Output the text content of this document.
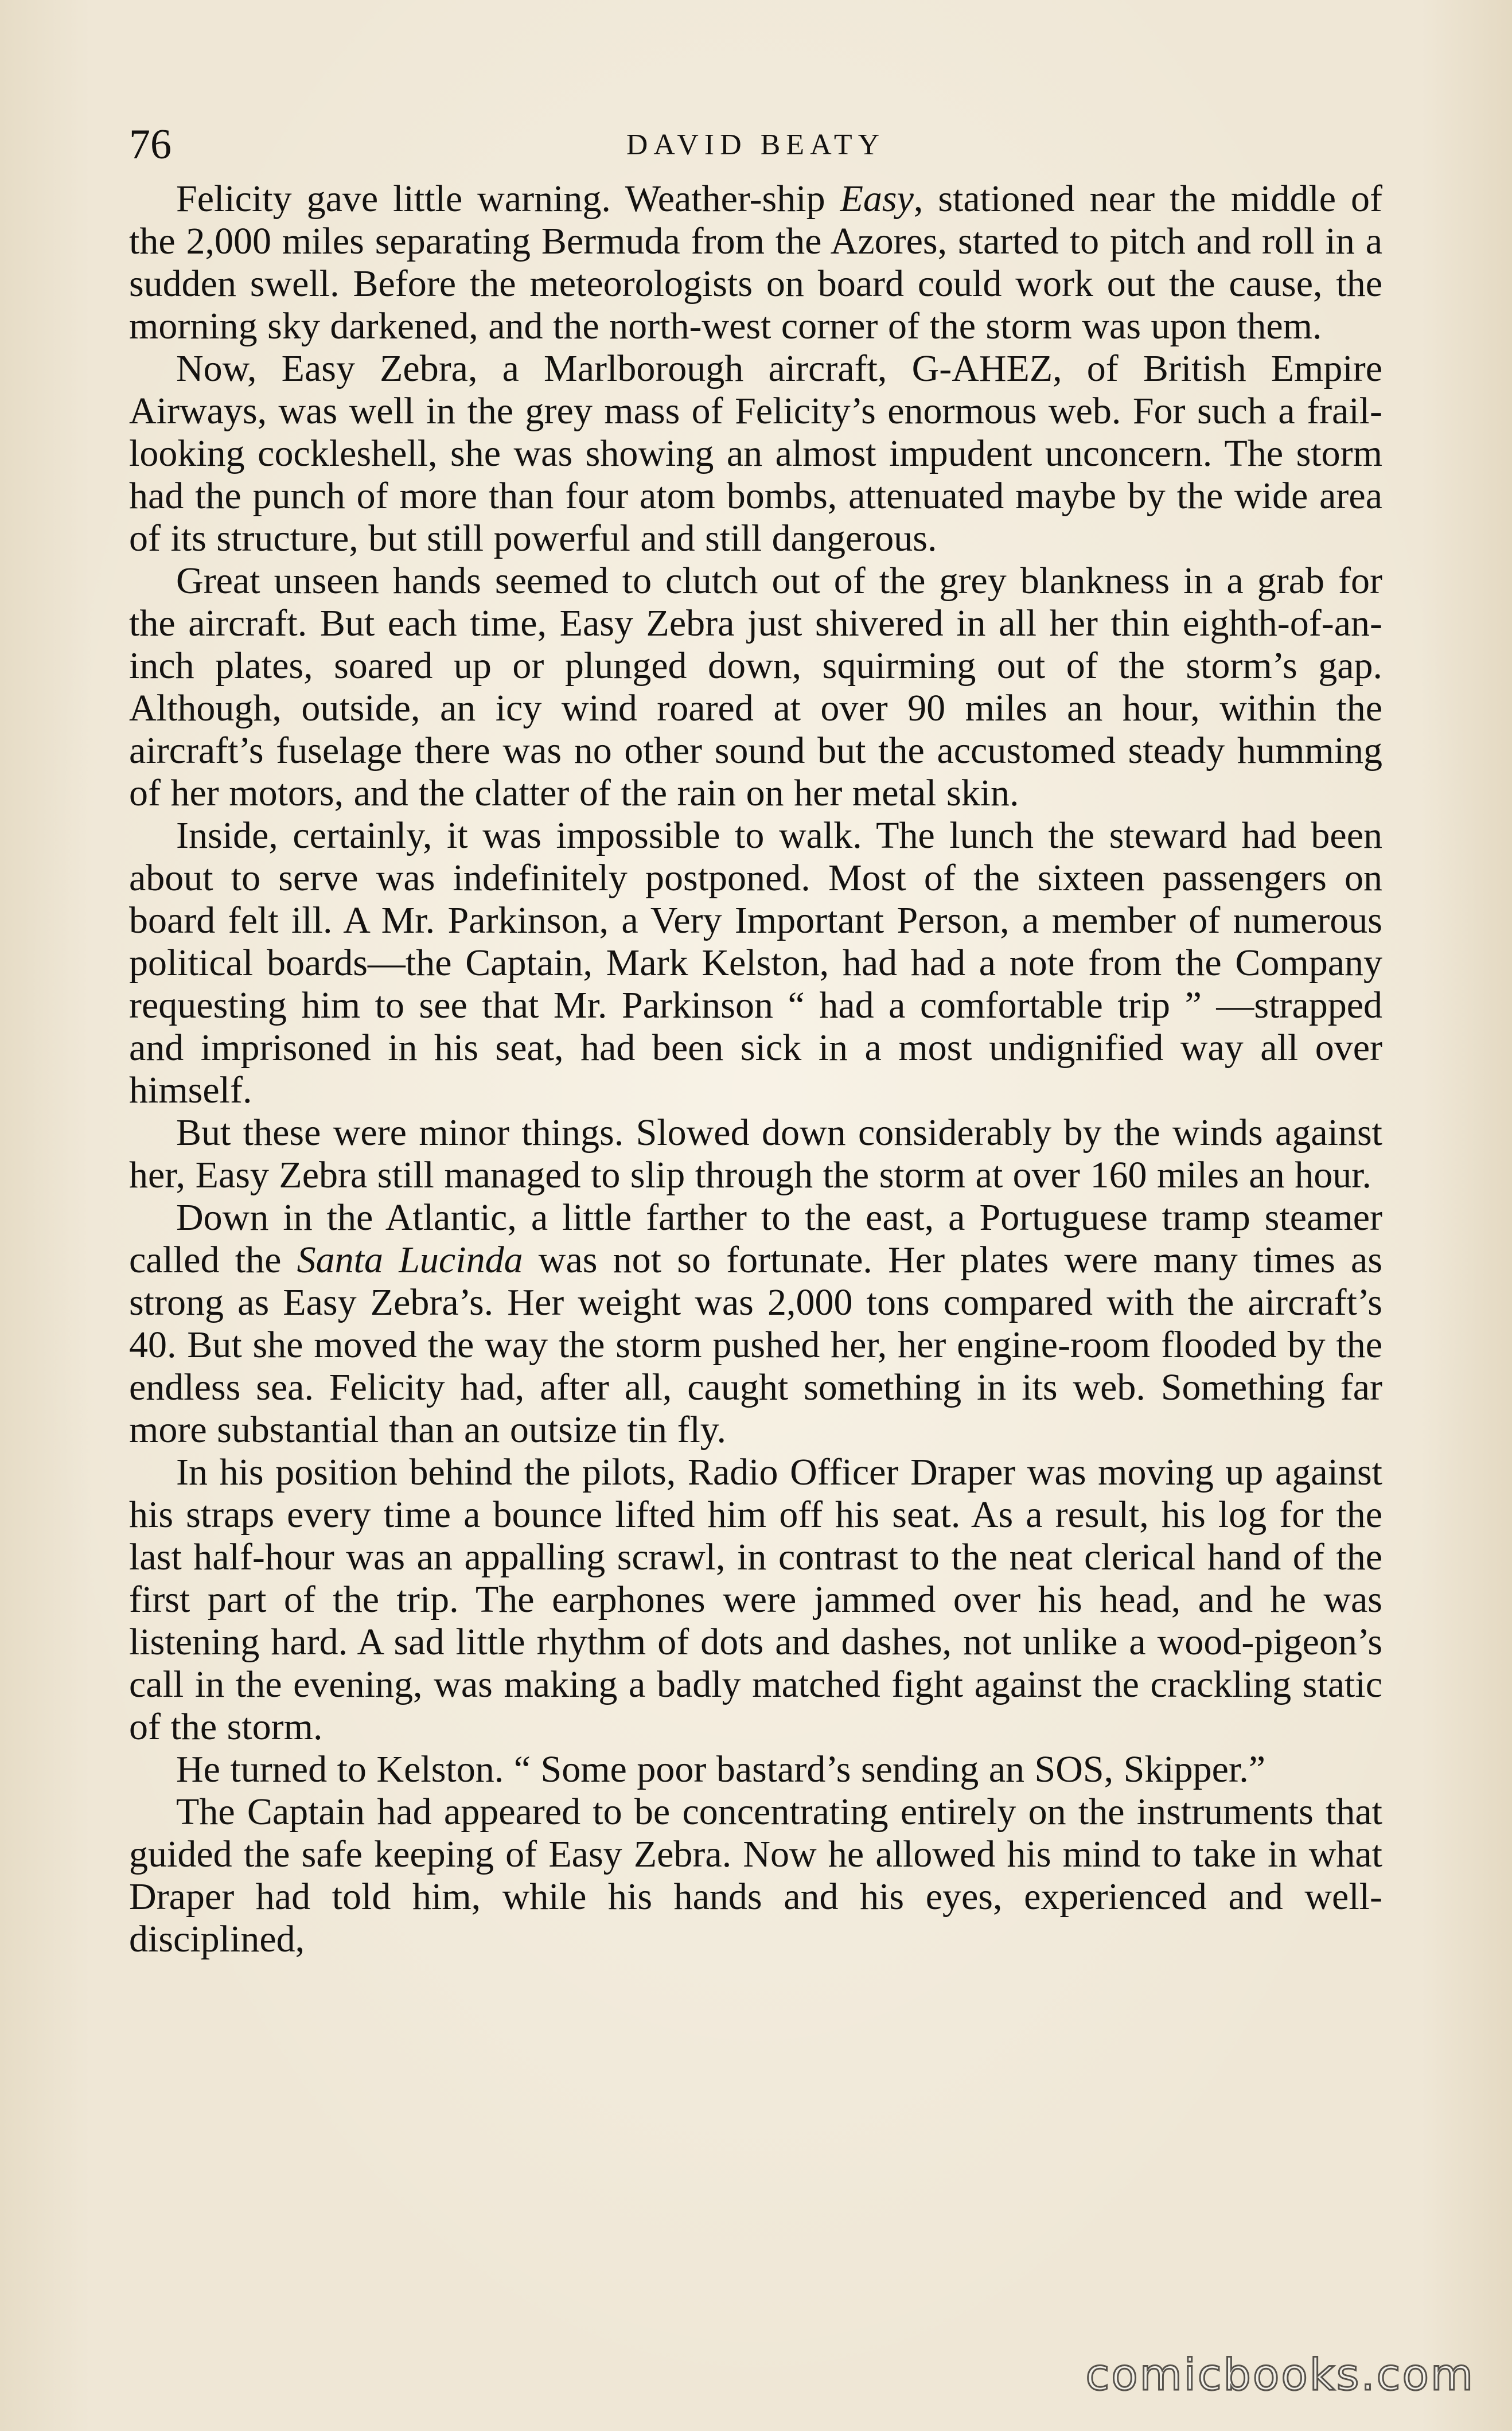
76	DAVID BEATY

Felicity gave little warning. Weather-ship Easy, stationed near the middle of the 2,000 miles separating Bermuda from the Azores, started to pitch and roll in a sudden swell. Before the meteorologists on board could work out the cause, the morning sky darkened, and the north-west corner of the storm was upon them.

Now, Easy Zebra, a Marlborough aircraft, G-AHEZ, of British Empire Airways, was well in the grey mass of Felicity’s enormous web. For such a frail-looking cockleshell, she was showing an almost impudent unconcern. The storm had the punch of more than four atom bombs, attenuated maybe by the wide area of its structure, but still powerful and still dangerous.

Great unseen hands seemed to clutch out of the grey blankness in a grab for the aircraft. But each time, Easy Zebra just shivered in all her thin eighth-of-an-inch plates, soared up or plunged down, squirming out of the storm’s gap. Although, outside, an icy wind roared at over 90 miles an hour, within the aircraft’s fuselage there was no other sound but the accustomed steady humming of her motors, and the clatter of the rain on her metal skin.

Inside, certainly, it was impossible to walk. The lunch the steward had been about to serve was indefinitely postponed. Most of the sixteen passengers on board felt ill. A Mr. Parkinson, a Very Important Person, a member of numerous political boards—the Captain, Mark Kelston, had had a note from the Company requesting him to see that Mr. Parkinson “ had a comfortable trip ” —strapped and imprisoned in his seat, had been sick in a most undignified way all over himself.

But these were minor things. Slowed down considerably by the winds against her, Easy Zebra still managed to slip through the storm at over 160 miles an hour.

Down in the Atlantic, a little farther to the east, a Portuguese tramp steamer called the Santa Lucinda was not so fortunate. Her plates were many times as strong as Easy Zebra’s. Her weight was 2,000 tons compared with the aircraft’s 40. But she moved the way the storm pushed her, her engine-room flooded by the endless sea. Felicity had, after all, caught something in its web. Something far more substantial than an outsize tin fly.

In his position behind the pilots, Radio Officer Draper was moving up against his straps every time a bounce lifted him off his seat. As a result, his log for the last half-hour was an appalling scrawl, in contrast to the neat clerical hand of the first part of the trip. The earphones were jammed over his head, and he was listening hard. A sad little rhythm of dots and dashes, not unlike a wood-pigeon’s call in the evening, was making a badly matched fight against the crackling static of the storm.

He turned to Kelston. “ Some poor bastard’s sending an SOS, Skipper.”

The Captain had appeared to be concentrating entirely on the instruments that guided the safe keeping of Easy Zebra. Now he allowed his mind to take in what Draper had told him, while his hands and his eyes, experienced and well-disciplined,

comicbooks.com
